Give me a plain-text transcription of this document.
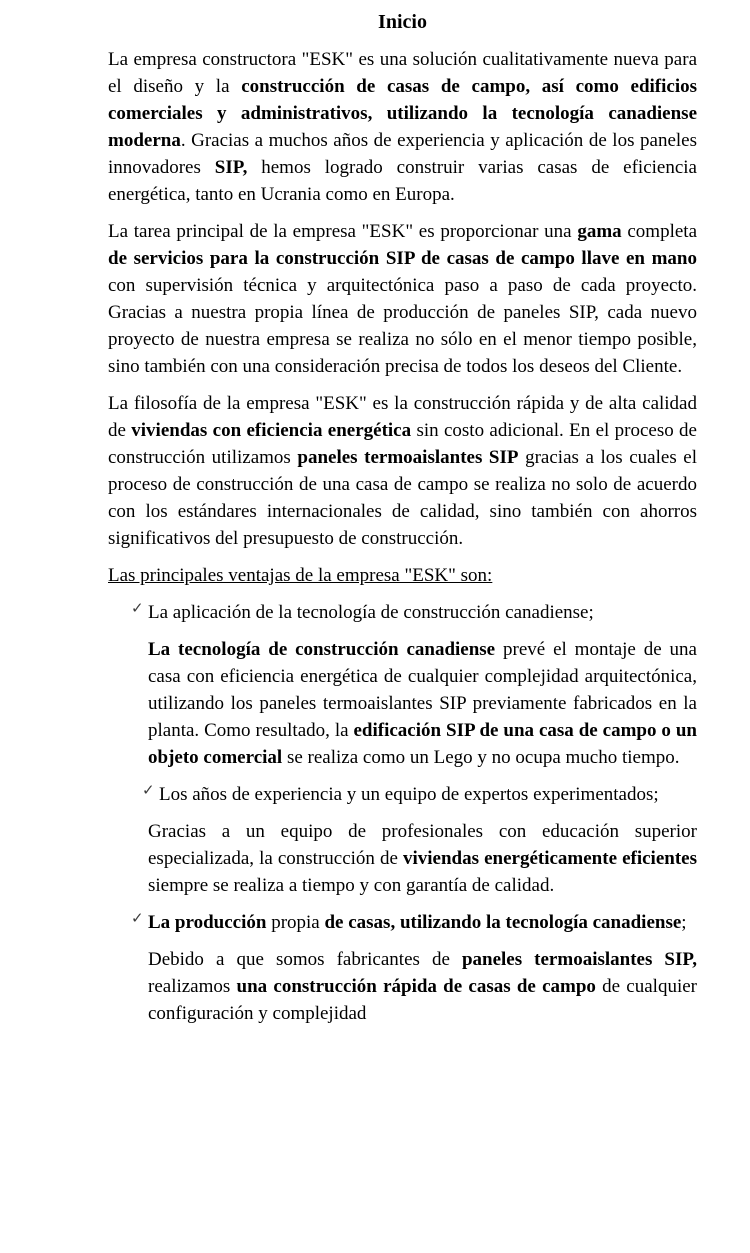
Inicio

La empresa constructora "ESK" es una solución cualitativamente nueva para el diseño y la construcción de casas de campo, así como edificios comerciales y administrativos, utilizando la tecnología canadiense moderna. Gracias a muchos años de experiencia y aplicación de los paneles innovadores SIP, hemos logrado construir varias casas de eficiencia energética, tanto en Ucrania como en Europa.

La tarea principal de la empresa "ESK" es proporcionar una gama completa de servicios para la construcción SIP de casas de campo llave en mano con supervisión técnica y arquitectónica paso a paso de cada proyecto. Gracias a nuestra propia línea de producción de paneles SIP, cada nuevo proyecto de nuestra empresa se realiza no sólo en el menor tiempo posible, sino también con una consideración precisa de todos los deseos del Cliente.

La filosofía de la empresa "ESK" es la construcción rápida y de alta calidad de viviendas con eficiencia energética sin costo adicional. En el proceso de construcción utilizamos paneles termoaislantes SIP gracias a los cuales el proceso de construcción de una casa de campo se realiza no solo de acuerdo con los estándares internacionales de calidad, sino también con ahorros significativos del presupuesto de construcción.

Las principales ventajas de la empresa "ESK" son:

✓ La aplicación de la tecnología de construcción canadiense;

La tecnología de construcción canadiense prevé el montaje de una casa con eficiencia energética de cualquier complejidad arquitectónica, utilizando los paneles termoaislantes SIP previamente fabricados en la planta. Como resultado, la edificación SIP de una casa de campo o un objeto comercial se realiza como un Lego y no ocupa mucho tiempo.

✓ Los años de experiencia y un equipo de expertos experimentados;

Gracias a un equipo de profesionales con educación superior especializada, la construcción de viviendas energéticamente eficientes siempre se realiza a tiempo y con garantía de calidad.

✓ La producción propia de casas, utilizando la tecnología canadiense;

Debido a que somos fabricantes de paneles termoaislantes SIP, realizamos una construcción rápida de casas de campo de cualquier configuración y complejidad
